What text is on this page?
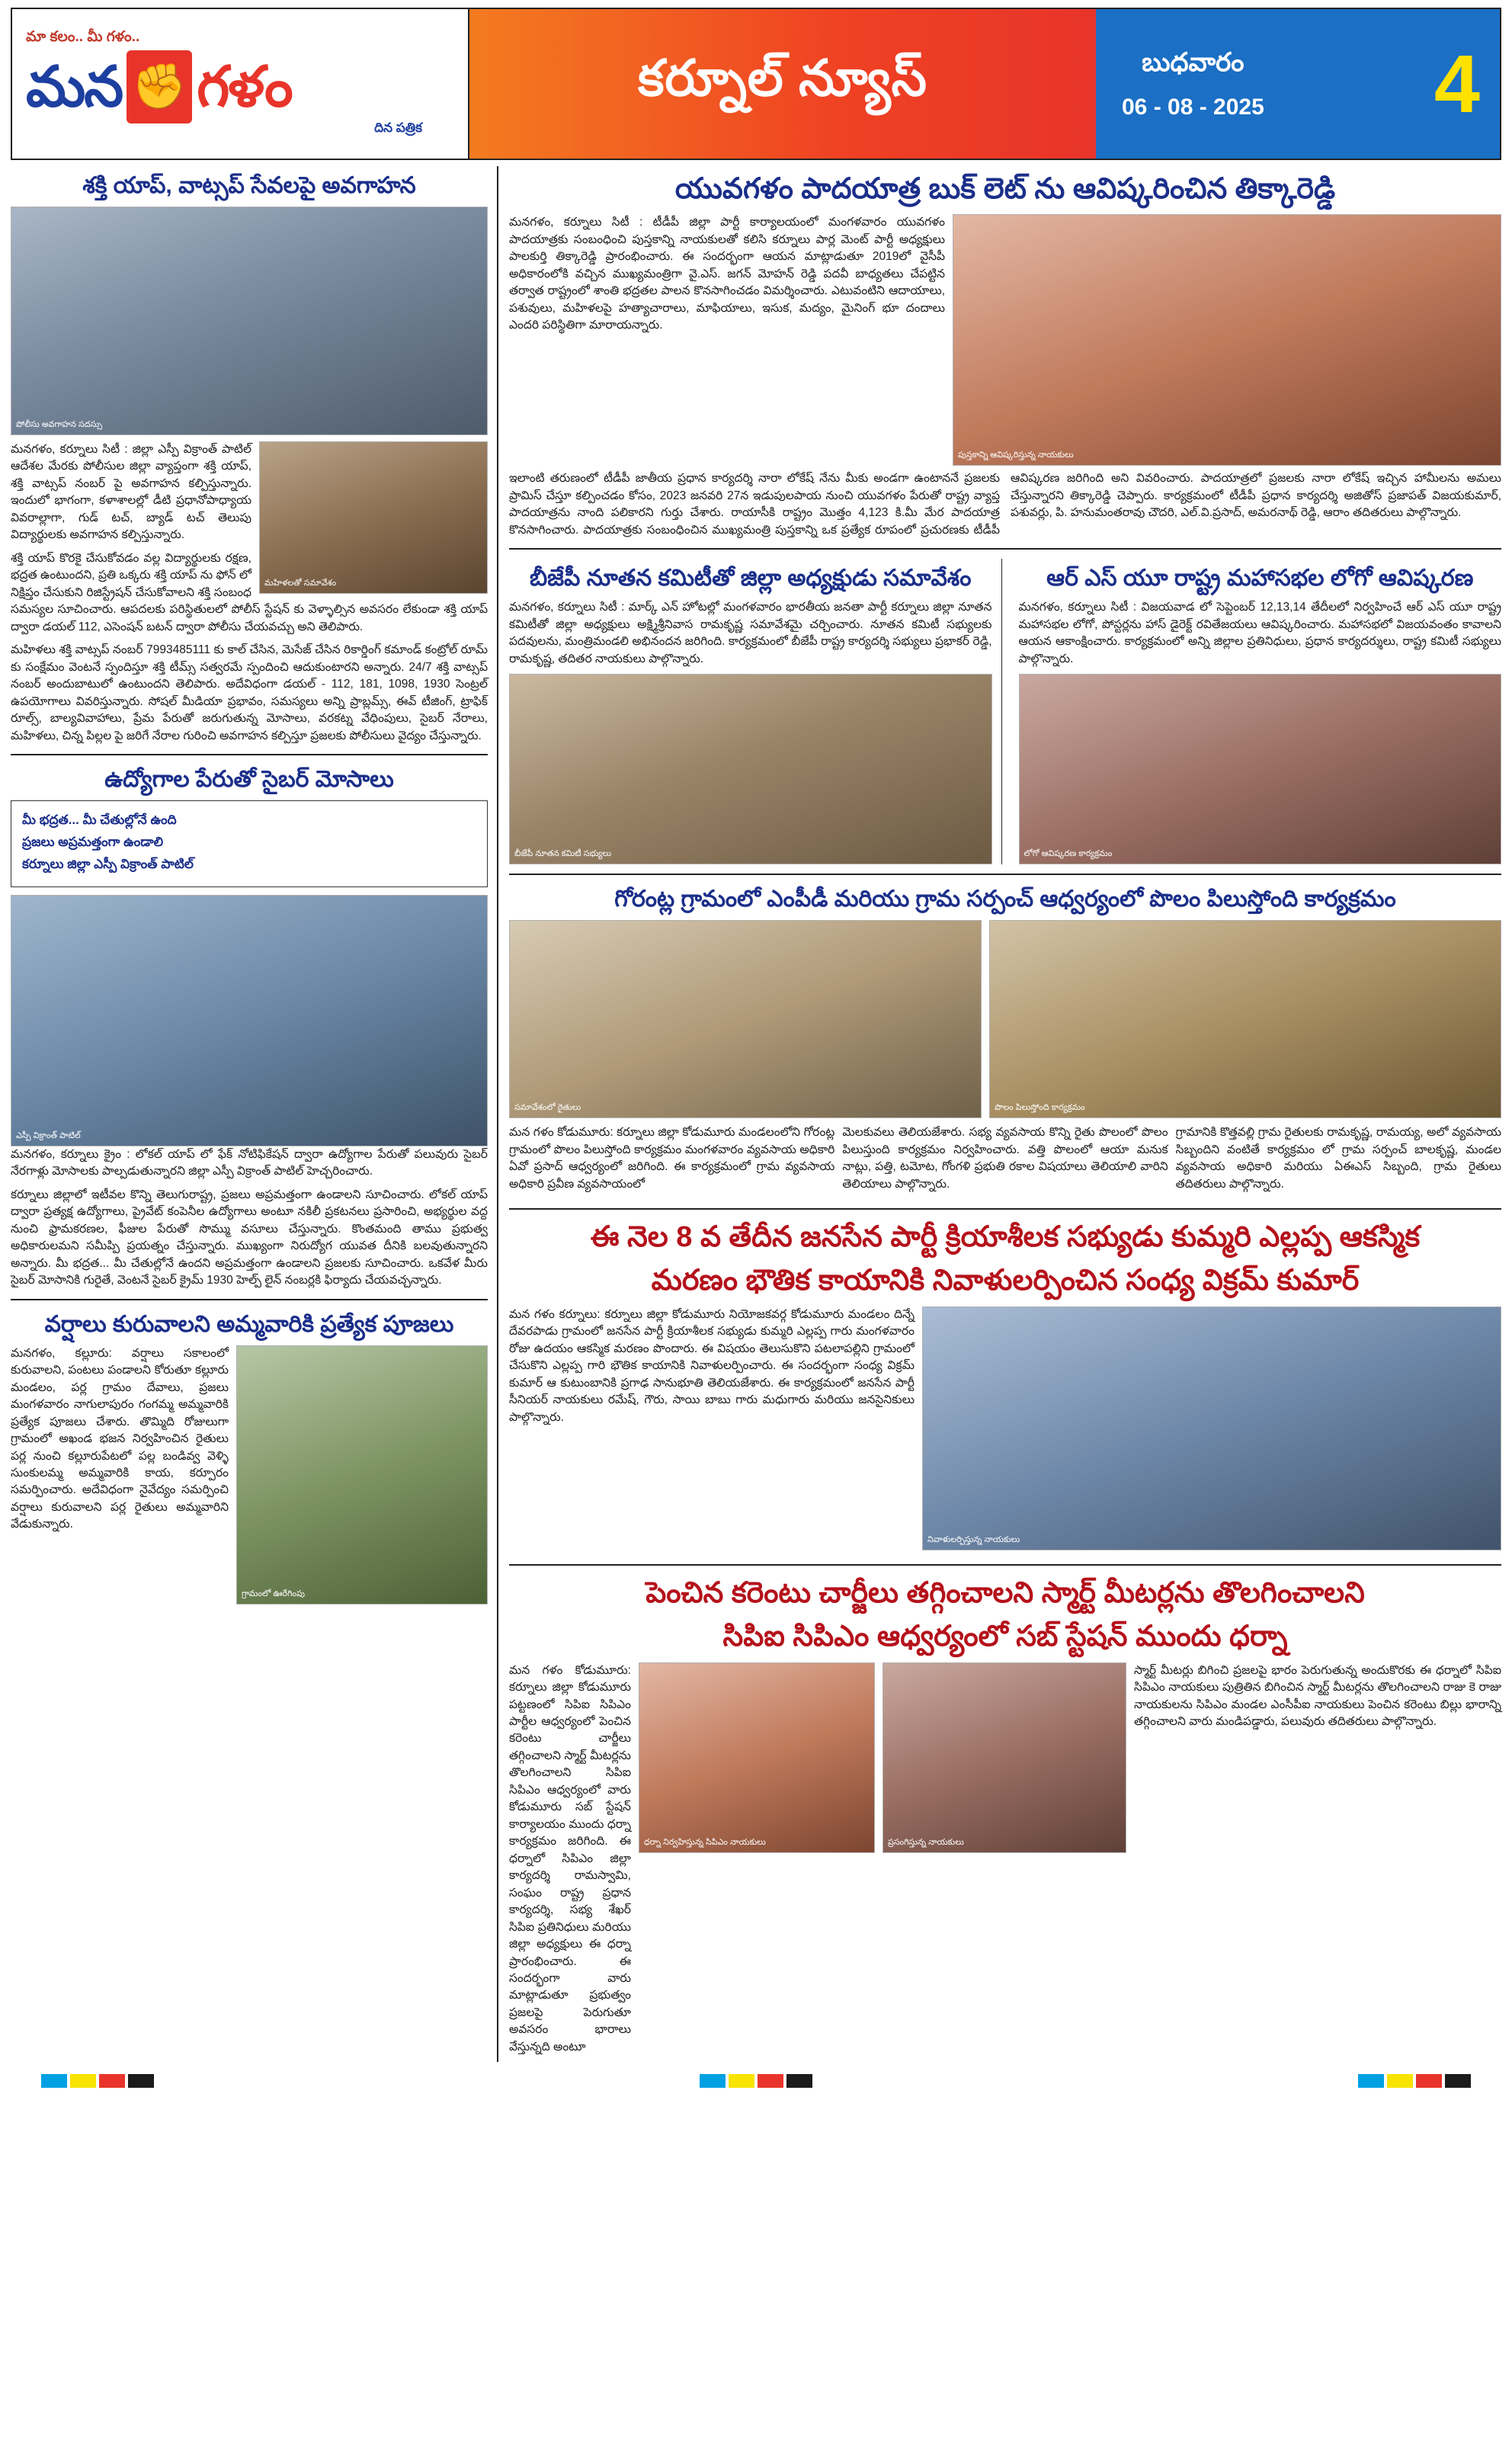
మా కలం.. మీ గళం..
మన ✊ గళం
దిన పత్రిక
కర్నూల్ న్యూస్	బుధవారం
06 - 08 - 2025 4
శక్తి యాప్, వాట్సప్ సేవలపై అవగాహన
పోలీసు అవగాహన సదస్సు
మహిళలతో సమావేశం

మనగళం, కర్నూలు సిటీ : జిల్లా ఎస్పీ విక్రాంత్ పాటిల్ ఆదేశల మేరకు పోలీసుల జిల్లా వ్యాప్తంగా శక్తి యాప్, శక్తి వాట్సప్ నంబర్ పై అవగాహన కల్పిస్తున్నారు. ఇందులో భాగంగా, కళాశాలల్లో డీటి ప్రధానోపాధ్యాయ వివరాల్లాగా, గుడ్ టచ్, బ్యాడ్ టచ్ తెలుపు విద్యార్థులకు అవగాహన కల్పిస్తున్నారు.

శక్తి యాప్ కొరకై చేసుకోవడం వల్ల విద్యార్థులకు రక్షణ, భద్రత ఉంటుందని, ప్రతి ఒక్కరు శక్తి యాప్ ను ఫోన్ లో నిక్షిప్తం చేసుకుని రిజిస్ట్రేషన్ చేసుకోవాలని శక్తి సంబంధ సమస్యల సూచించారు. ఆపదలకు పరిస్థితులలో పోలీస్ స్టేషన్ కు వెళ్ళాల్సిన అవసరం లేకుండా శక్తి యాప్ ద్వారా డయల్ 112, ఎసెంషన్ బటన్ ద్వారా పోలీసు చేయవచ్చు అని తెలిపారు.

మహిళలు శక్తి వాట్సప్ నంబర్ 7993485111 కు కాల్ చేసిన, మెసేజ్ చేసిన రికార్డింగ్ కమాండ్ కంట్రోల్ రూమ్ కు సంక్షేమం వెంటనే స్పందిస్తూ శక్తి టీమ్స్ సత్వరమే స్పందించి ఆదుకుంటారని అన్నారు. 24/7 శక్తి వాట్సప్ నంబర్ అందుబాటులో ఉంటుందని తెలిపారు. అదేవిధంగా డయల్ - 112, 181, 1098, 1930 సెంట్రల్ ఉపయోగాలు వివరిస్తున్నారు. సోషల్ మీడియా ప్రభావం, సమస్యలు అన్ని ప్రాబ్లమ్స్, ఈవ్ టీజింగ్, ట్రాఫిక్ రూల్స్, బాల్యవివాహాలు, ప్రేమ పేరుతో జరుగుతున్న మోసాలు, వరకట్న వేధింపులు, సైబర్ నేరాలు, మహిళలు, చిన్న పిల్లల పై జరిగే నేరాల గురించి అవగాహన కల్పిస్తూ ప్రజలకు పోలీసులు వైద్యం చేస్తున్నారు.

ఉద్యోగాల పేరుతో సైబర్ మోసాలు
మీ భద్రత... మీ చేతుల్లోనే ఉంది
ప్రజలు అప్రమత్తంగా ఉండాలి
కర్నూలు జిల్లా ఎస్పీ విక్రాంత్ పాటిల్
ఎస్పీ విక్రాంత్ పాటిల్

మనగళం, కర్నూలు క్రైం : లోకల్ యాప్ లో ఫేక్ నోటిఫికేషన్ ద్వారా ఉద్యోగాల పేరుతో పలువురు సైబర్ నేరగాళ్లు మోసాలకు పాల్పడుతున్నారని జిల్లా ఎస్పీ విక్రాంత్ పాటిల్ హెచ్చరించారు.

కర్నూలు జిల్లాలో ఇటీవల కొన్ని తెలుగురాష్ట్ర, ప్రజలు అప్రమత్తంగా ఉండాలని సూచించారు. లోకల్ యాప్ ద్వారా ప్రత్యక్ష ఉద్యోగాలు, ప్రైవేట్ కంపెనీల ఉద్యోగాలు అంటూ నకిలీ ప్రకటనలు ప్రసారించి, అభ్యర్థుల వద్ద నుంచి ఫ్రామకరణల, ఫీజుల పేరుతో సొమ్ము వసూలు చేస్తున్నారు. కొంతమంది తాము ప్రభుత్వ అధికారులమని సమీప్పి ప్రయత్నం చేస్తున్నారు. ముఖ్యంగా నిరుద్యోగ యువత దీనికి బలవుతున్నారని అన్నారు. మీ భద్రత... మీ చేతుల్లోనే ఉందని అప్రమత్తంగా ఉండాలని ప్రజలకు సూచించారు. ఒకవేళ మీరు సైబర్ మోసానికి గురైతే, వెంటనే సైబర్ క్రైమ్ 1930 హెల్ప్ లైన్ నంబర్లకి ఫిర్యాదు చేయవచ్చన్నారు.

వర్షాలు కురువాలని అమ్మవారికి ప్రత్యేక పూజలు
గ్రామంలో ఊరేగింపు

మనగళం, కల్లూరు: వర్షాలు సకాలంలో కురువాలని, పంటలు పండాలని కోరుతూ కల్లూరు మండలం, పర్ల గ్రామం దేవాలు, ప్రజలు మంగళవారం నాగులాపురం గంగమ్మ అమ్మవారికి ప్రత్యేక పూజలు చేశారు. తొమ్మిది రోజులుగా గ్రామంలో అఖండ భజన నిర్వహించిన రైతులు పర్ల నుంచి కల్లూరుపేటలో పల్ల బండివ్వ వెళ్ళి సుంకులమ్మ అమ్మవారికి కాయ, కర్పూరం సమర్పించారు. అదేవిధంగా నైవేద్యం సమర్పించి వర్షాలు కురువాలని పర్ల రైతులు అమ్మవారిని వేడుకున్నారు.

యువగళం పాదయాత్ర బుక్ లెట్ ను ఆవిష్కరించిన తిక్కారెడ్డి
పుస్తకాన్ని ఆవిష్కరిస్తున్న నాయకులు

మనగళం, కర్నూలు సిటీ : టీడీపీ జిల్లా పార్టీ కార్యాలయంలో మంగళవారం యువగళం పాదయాత్రకు సంబంధించి పుస్తకాన్ని నాయకులతో కలిసి కర్నూలు పార్ల మెంట్ పార్టీ అధ్యక్షులు పాలకుర్తి తిక్కారెడ్డి ప్రారంభించారు. ఈ సందర్భంగా ఆయన మాట్లాడుతూ 2019లో వైసీపీ అధికారంలోకి వచ్చిన ముఖ్యమంత్రిగా వై.ఎస్. జగన్ మోహన్ రెడ్డి పదవీ బాధ్యతలు చేపట్టిన తర్వాత రాష్ట్రంలో శాంతి భద్రతల పాలన కొనసాగించడం విమర్శించారు. ఎటువంటిని ఆదాయాలు, పశువులు, మహిళలపై హత్యాచారాలు, మాఫియాలు, ఇసుక, మద్యం, మైనింగ్ భూ దందాలు ఎందరి పరిస్థితిగా మారాయన్నారు.

ఇలాంటి తరుణంలో టీడీపీ జాతీయ ప్రధాన కార్యదర్శి నారా లోకేష్ నేను మీకు అండగా ఉంటాననే ప్రజలకు ప్రామిస్ చేస్తూ కల్పించడం కోసం, 2023 జనవరి 27న ఇడుపులపాయ నుంచి యువగళం పేరుతో రాష్ట్ర వ్యాప్త పాదయాత్రను నాంది పలికారని గుర్తు చేశారు. రాయాసీకి రాష్ట్రం మొత్తం 4,123 కి.మీ మేర పాదయాత్ర కొనసాగించారు. పాదయాత్రకు సంబంధించిన ముఖ్యమంత్రి పుస్తకాన్ని ఒక ప్రత్యేక రూపంలో ప్రచురణకు టీడీపీ ఆవిష్కరణ జరిగింది అని వివరించారు. పాదయాత్రలో ప్రజలకు నారా లోకేష్ ఇచ్చిన హామీలను అమలు చేస్తున్నారని తిక్కారెడ్డి చెప్పారు. కార్యక్రమంలో టీడీపీ ప్రధాన కార్యదర్శి అజితోస్ ప్రజాపత్ విజయకుమార్, పశువర్లు, పి. హనుమంతరావు చౌదరి, ఎల్.వి.ప్రసాద్, అమరనాథ్ రెడ్డి, ఆరాం తదితరులు పాల్గొన్నారు.

బీజేపీ నూతన కమిటీతో జిల్లా అధ్యక్షుడు సమావేశం

మనగళం, కర్నూలు సిటీ : మార్క్ ఎన్ హోటల్లో మంగళవారం భారతీయ జనతా పార్టీ కర్నూలు జిల్లా నూతన కమిటీతో జిల్లా అధ్యక్షులు అక్ష్మిశ్రీనివాస రామకృష్ణ సమావేశమై చర్చించారు. నూతన కమిటీ సభ్యులకు పదవులను, మంత్రిమండలి అభినందన జరిగింది. కార్యక్రమంలో బీజేపీ రాష్ట్ర కార్యదర్శి సభ్యులు ప్రభాకర్ రెడ్డి, రామకృష్ణ, తదితర నాయకులు పాల్గొన్నారు.

బీజేపీ నూతన కమిటీ సభ్యులు
ఆర్ ఎస్ యూ రాష్ట్ర మహాసభల లోగో ఆవిష్కరణ

మనగళం, కర్నూలు సిటీ : విజయవాడ లో సెప్టెంబర్ 12,13,14 తేదీలలో నిర్వహించే ఆర్ ఎస్ యూ రాష్ట్ర మహాసభల లోగో, పోస్టర్లను హాస్ డైరెక్ట్ రవితేజయలు ఆవిష్కరించారు. మహాసభలో విజయవంతం కావాలని ఆయన ఆకాంక్షించారు. కార్యక్రమంలో అన్ని జిల్లాల ప్రతినిధులు, ప్రధాన కార్యదర్శులు, రాష్ట్ర కమిటీ సభ్యులు పాల్గొన్నారు.

లోగో ఆవిష్కరణ కార్యక్రమం
గోరంట్ల గ్రామంలో ఎంపీడీ మరియు గ్రామ సర్పంచ్ ఆధ్వర్యంలో పొలం పిలుస్తోంది కార్యక్రమం
సమావేశంలో రైతులు	పొలం పిలుస్తోంది కార్యక్రమం

మన గళం కోడుమూరు: కర్నూలు జిల్లా కోడుమూరు మండలంలోని గోరంట్ల గ్రామంలో పొలం పిలుస్తోంది కార్యక్రమం మంగళవారం వ్యవసాయ అధికారి ఏవో ప్రసాద్ ఆధ్వర్యంలో జరిగింది. ఈ కార్యక్రమంలో గ్రామ వ్యవసాయ అధికారి ప్రవీణ వ్యవసాయంలో

మెలకువలు తెలియజేశారు. సభ్య వ్యవసాయ కొన్ని రైతు పొలంలో పొలం పిలుస్తుంది కార్యక్రమం నిర్వహించారు. వత్తి పొలంలో ఆయా మనుక నాట్లు, పత్తి, టమోట, గోంగళి ప్రభుతి రకాల విషయాలు తెలియాలి వారిని తెలియాలు పాల్గొన్నారు.

గ్రామానికి కొత్తవల్లి గ్రామ రైతులకు రామకృష్ణ, రామయ్య, అలో వ్యవసాయ సిబ్బందిని వంటితే కార్యక్రమం లో గ్రామ సర్పంచ్ బాలకృష్ణ, మండల వ్యవసాయ అధికారి మరియు ఏఈఎస్ సిబ్బంది, గ్రామ రైతులు తదితరులు పాల్గొన్నారు.

ఈ నెల 8 వ తేదీన జనసేన పార్టీ క్రియాశీలక సభ్యుడు కుమ్మరి ఎల్లప్ప ఆకస్మిక
మరణం భౌతిక కాయానికి నివాళులర్పించిన సంధ్య విక్రమ్ కుమార్
నివాళులర్పిస్తున్న నాయకులు

మన గళం కర్నూలు: కర్నూలు జిల్లా కోడుమూరు నియోజకవర్గ కోడుమూరు మండలం దిన్నే దేవరపాడు గ్రామంలో జనసేన పార్టీ క్రియాశీలక సభ్యుడు కుమ్మరి ఎల్లప్ప గారు మంగళవారం రోజు ఉదయం ఆకస్మిక మరణం పొందారు. ఈ విషయం తెలుసుకొని పటలాపల్లిని గ్రామంలో చేసుకొని ఎల్లప్ప గారి భౌతిక కాయానికి నివాళులర్పించారు. ఈ సందర్భంగా సంధ్య విక్రమ్ కుమార్ ఆ కుటుంబానికి ప్రగాఢ సానుభూతి తెలియజేశారు. ఈ కార్యక్రమంలో జనసేన పార్టీ సీనియర్ నాయకులు రమేష్, గౌరు, సాయి బాబు గారు మధుగారు మరియు జనసైనికులు పాల్గొన్నారు.

పెంచిన కరెంటు చార్జీలు తగ్గించాలని స్మార్ట్ మీటర్లను తొలగించాలని
సిపిఐ సిపిఎం ఆధ్వర్యంలో సబ్ స్టేషన్ ముందు ధర్నా

మన గళం కోడుమూరు: కర్నూలు జిల్లా కోడుమూరు పట్టణంలో సిపిఐ సిపిఎం పార్టీల ఆధ్వర్యంలో పెంచిన కరెంటు చార్జీలు తగ్గించాలని స్మార్ట్ మీటర్లను తొలగించాలని సిపిఐ సిపిఎం ఆధ్వర్యంలో వారు కోడుమూరు సబ్ స్టేషన్ కార్యాలయం ముందు ధర్నా కార్యక్రమం జరిగింది. ఈ ధర్నాలో సిపిఎం జిల్లా కార్యదర్శి రామస్వామి, సంఘం రాష్ట్ర ప్రధాన కార్యదర్శి, సభ్య శేఖర్ సిపిఐ ప్రతినిధులు మరియు జిల్లా అధ్యక్షులు ఈ ధర్నా ప్రారంభించారు. ఈ సందర్భంగా వారు మాట్లాడుతూ ప్రభుత్వం ప్రజలపై పెరుగుతూ అవసరం భారాలు వేస్తున్నది అంటూ

ధర్నా నిర్వహిస్తున్న సిపిఎం నాయకులు	ప్రసంగిస్తున్న నాయకులు

స్మార్ట్ మీటర్లు బిగించి ప్రజలపై భారం పెరుగుతున్న అందుకొరకు ఈ ధర్నాలో సిపిఐ సిపిఎం నాయకులు పుత్రితిన బిగించిన స్మార్ట్ మీటర్లను తొలగించాలని రాజు కె రాజు నాయకులను సిపిఎం మండల ఎంసీపీఐ నాయకులు పెంచిన కరెంటు బిల్లు భారాన్ని తగ్గించాలని వారు మండిపడ్డారు, పలువురు తదితరులు పాల్గొన్నారు.
